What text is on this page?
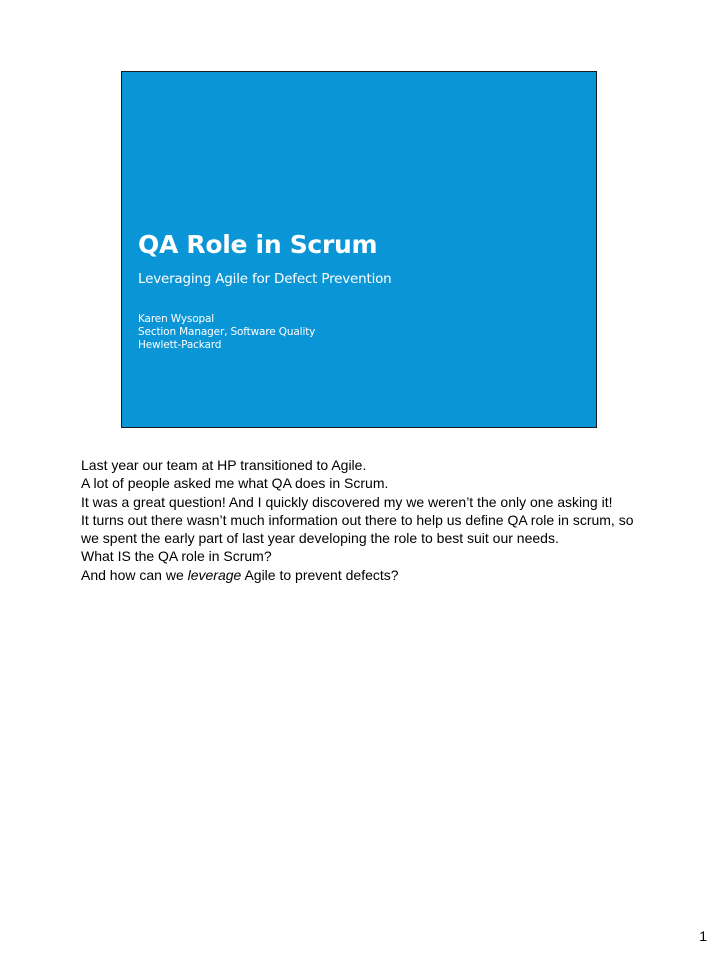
QA Role in Scrum

Leveraging Agile for Defect Prevention

Karen Wysopal
Section Manager, Software Quality
Hewlett-Packard

Last year our team at HP transitioned to Agile.

A lot of people asked me what QA does in Scrum.

It was a great question! And I quickly discovered my we weren’t the only one asking it!

It turns out there wasn’t much information out there to help us define QA role in scrum, so we spent the early part of last year developing the role to best suit our needs.

What IS the QA role in Scrum?

And how can we leverage Agile to prevent defects?

1
